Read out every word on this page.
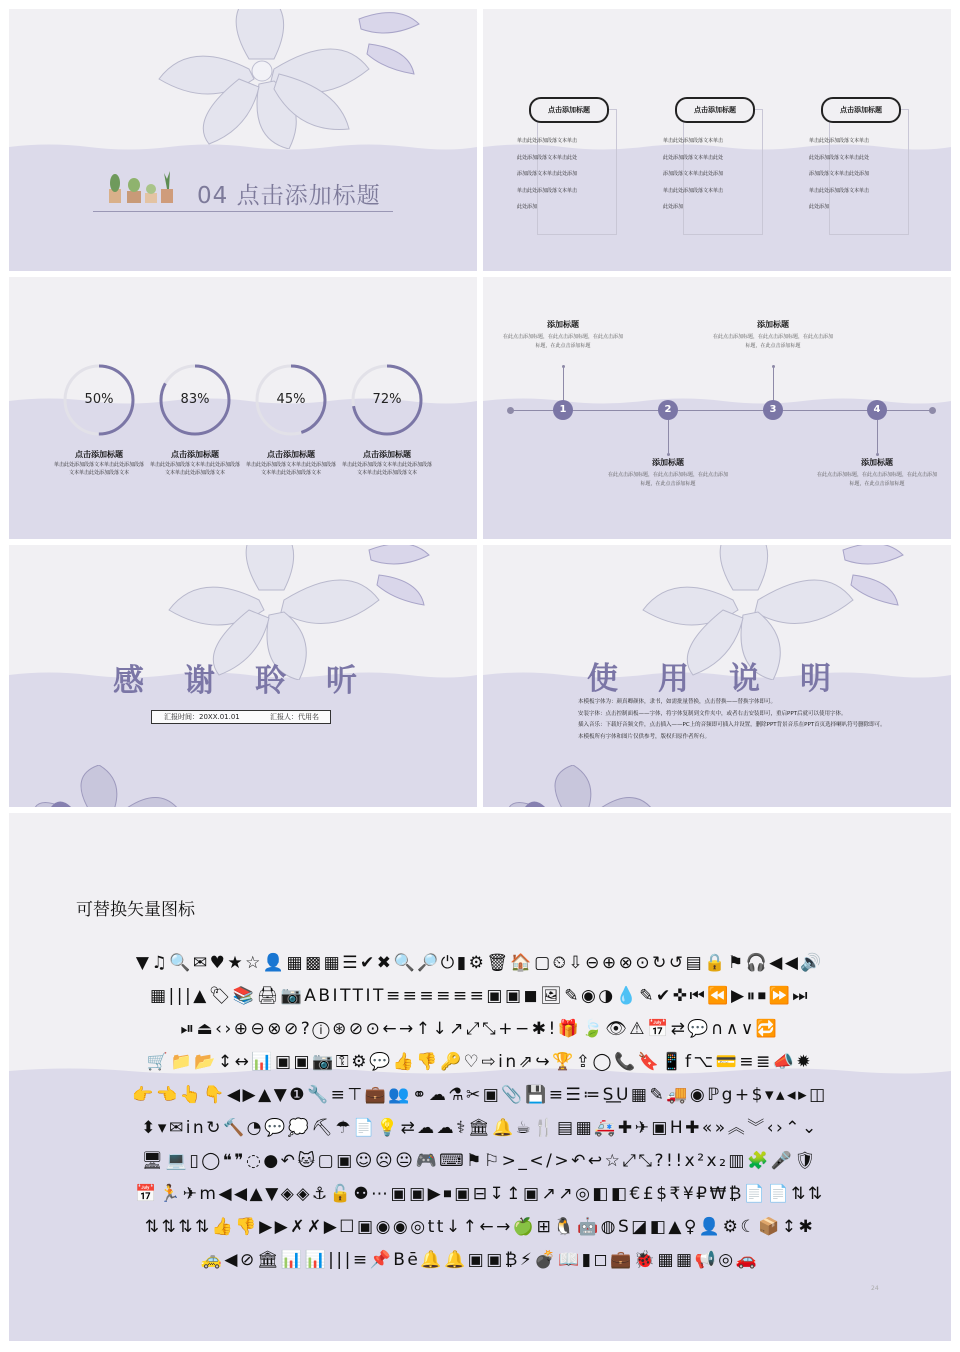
04 点击添加标题
点击添加标题
单击此处添加段落文本单击
此处添加段落文本单击此处
添加段落文本单击此处添加
单击此处添加段落文本单击
此处添加
点击添加标题
单击此处添加段落文本单击
此处添加段落文本单击此处
添加段落文本单击此处添加
单击此处添加段落文本单击
此处添加
点击添加标题
单击此处添加段落文本单击
此处添加段落文本单击此处
添加段落文本单击此处添加
单击此处添加段落文本单击
此处添加
50%	83%	45%	72%
点击添加标题
单击此处添加段落文本单击此处添加段落文本单击此处添加段落文本
点击添加标题
单击此处添加段落文本单击此处添加段落文本单击此处添加段落文本
点击添加标题
单击此处添加段落文本单击此处添加段落文本单击此处添加段落文本
点击添加标题
单击此处添加段落文本单击此处添加段落文本单击此处添加段落文本
1	2	3	4
添加标题
在此点击添加标题，在此点击添加标题，在此点击添加标题，在此点击添加标题
添加标题
在此点击添加标题，在此点击添加标题，在此点击添加标题，在此点击添加标题
添加标题
在此点击添加标题，在此点击添加标题，在此点击添加标题，在此点击添加标题
添加标题
在此点击添加标题，在此点击添加标题，在此点击添加标题，在此点击添加标题
感谢聆听
汇报时间：20XX.01.01	汇报人：代用名
使用说明
本模板字体为：颜真卿颜体，隶书，如需批量替换，点击替换——替换字体即可。
安装字体：点击控制面板——字体，将字体复制到文件夹中，或者右击安装即可，重启PPT后就可以使用字体。
插入音乐：下载好音频文件，点击插入——PC上的音频即可插入并设置，删除PPT背景音乐在PPT首页选择喇叭符号删除即可。
本模板所有字体和图片仅供参考，版权归原作者所有。
可替换矢量图标
▼♫🔍✉♥★☆👤▦▩▦☰✔✖🔍🔎⏻▮⚙🗑🏠▢⏲⇩⊖⊕⊗⊙↻↺▤🔒⚑🎧◀◀🔊
▦|||▲🏷📚🖨📷ABITTIT≡≡≡≡≡≡▣▣◼🖼✎◉◑💧✎✔✜⏮⏪▶⏸⏹⏩⏭
⏯⏏‹›⊕⊖⊗⊘?ⓘ⊛⊘⊙←→↑↓↗⤢⤡+−✱!🎁🍃👁⚠📅⇄💬∩∧∨🔁
🛒📁📂↕↔📊▣▣📷⚿⚙💬👍👎🔑♡⇨in⇗↪🏆⇪◯📞🔖📱f⌥💳≡≣📣✹
👉👈👆👇◀▶▲▼❶🔧≡⊤💼👥⚭☁⚗✂▣📎💾≡☰≔S͟U▦✎🚚◉ℙg+$▾▴◂▸◫
⬍▾✉in↻🔨◔💬💭⛏☂📄💡⇄☁☁⚕🏛🔔☕🍴▤▦🚑✚✈▣H✚«»︽︾‹›⌃⌄
🖥💻▯◯❝❞◌●↶🐱▢▣☺☹😐🎮⌨⚑⚐>_</>↶↩☆⤢⤡?!!x²x₂▥🧩🎤🛡
📅🏃✈m◀◀▲▼◈◈⚓🔓⚉⋯▣▣▶⏹▣⊟↧↥▣↗↗◎◧◧€£$₹¥₽₩₿📄📄⇅⇅
⇅⇅⇅⇅👍👎▶▶✗✗▶☐▣◉◉◎tt↓↑←→🍏⊞🐧🤖◍S◪◧▲♀👤⚙☾📦↕✱
🚕◀⊘🏛📊📊|||≡📌Bē🔔🔔▣▣₿⚡💣📖▮◻💼🐞▦▦📢◎🚗
24
